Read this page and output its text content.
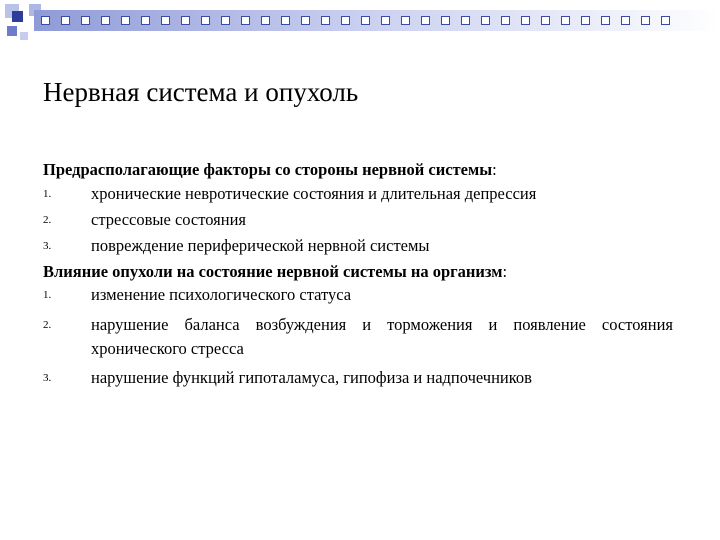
Нервная система и опухоль
Предрасполагающие факторы со стороны нервной системы:
1.	хронические невротические состояния и длительная депрессия
2.	стрессовые состояния
3.	повреждение периферической нервной системы
Влияние опухоли на состояние нервной системы на организм:
1.	изменение психологического статуса
2.	нарушение баланса возбуждения и торможения и появление состояния хронического стресса
3.	нарушение функций гипоталамуса, гипофиза и надпочечников
